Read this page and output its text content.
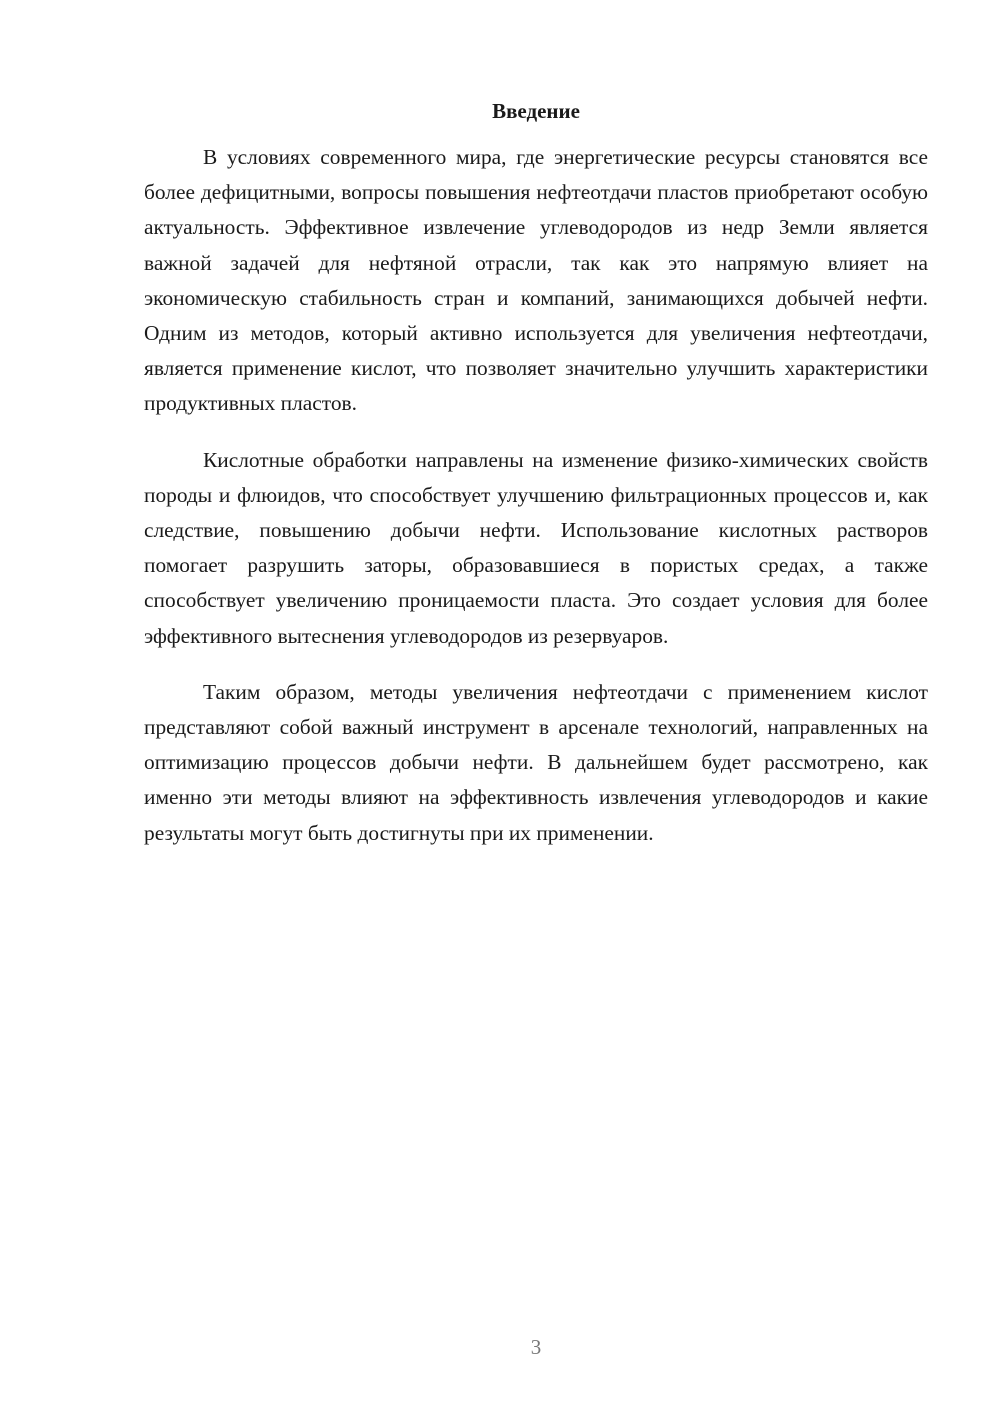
Введение

В условиях современного мира, где энергетические ресурсы становятся все более дефицитными, вопросы повышения нефтеотдачи пластов приобретают особую актуальность. Эффективное извлечение углеводородов из недр Земли является важной задачей для нефтяной отрасли, так как это напрямую влияет на экономическую стабильность стран и компаний, занимающихся добычей нефти. Одним из методов, который активно используется для увеличения нефтеотдачи, является применение кислот, что позволяет значительно улучшить характеристики продуктивных пластов.

Кислотные обработки направлены на изменение физико-химических свойств породы и флюидов, что способствует улучшению фильтрационных процессов и, как следствие, повышению добычи нефти. Использование кислотных растворов помогает разрушить заторы, образовавшиеся в пористых средах, а также способствует увеличению проницаемости пласта. Это создает условия для более эффективного вытеснения углеводородов из резервуаров.

Таким образом, методы увеличения нефтеотдачи с применением кислот представляют собой важный инструмент в арсенале технологий, направленных на оптимизацию процессов добычи нефти. В дальнейшем будет рассмотрено, как именно эти методы влияют на эффективность извлечения углеводородов и какие результаты могут быть достигнуты при их применении.

3
